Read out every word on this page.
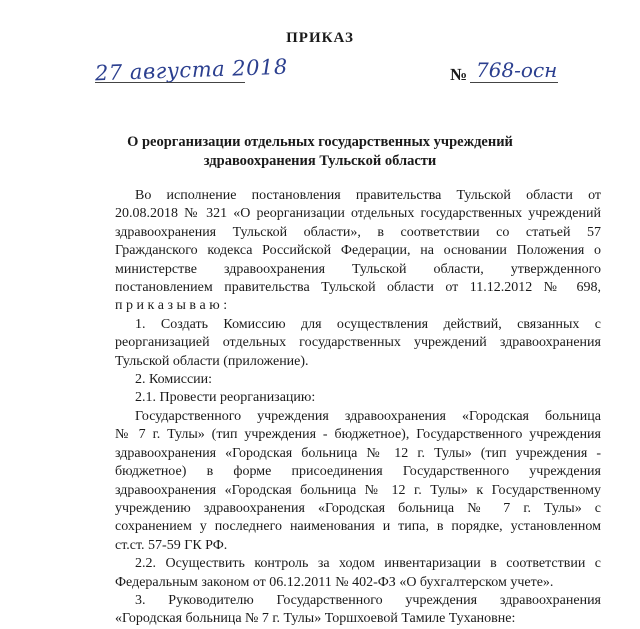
ПРИКАЗ
27 августа 2018	№ 768-осн
О реорганизации отдельных государственных учреждений
здравоохранения Тульской области
Во исполнение постановления правительства Тульской области от
20.08.2018 № 321 «О реорганизации отдельных государственных учреждений
здравоохранения Тульской области», в соответствии со статьей 57
Гражданского кодекса Российской Федерации, на основании Положения о
министерстве здравоохранения Тульской области, утвержденного
постановлением правительства Тульской области от 11.12.2012 № 698,
п р и к а з ы в а ю :
1. Создать Комиссию для осуществления действий, связанных с
реорганизацией отдельных государственных учреждений здравоохранения
Тульской области (приложение).
2. Комиссии:
2.1. Провести реорганизацию:
Государственного учреждения здравоохранения «Городская больница
№ 7 г. Тулы» (тип учреждения - бюджетное), Государственного учреждения
здравоохранения «Городская больница № 12 г. Тулы» (тип учреждения -
бюджетное) в форме присоединения Государственного учреждения
здравоохранения «Городская больница № 12 г. Тулы» к Государственному
учреждению здравоохранения «Городская больница № 7 г. Тулы» с
сохранением у последнего наименования и типа, в порядке, установленном
ст.ст. 57-59 ГК РФ.
2.2. Осуществить контроль за ходом инвентаризации в соответствии с
Федеральным законом от 06.12.2011 № 402-ФЗ «О бухгалтерском учете».
3. Руководителю Государственного учреждения здравоохранения
«Городская больница № 7 г. Тулы» Торшхоевой Тамиле Тухановне:
